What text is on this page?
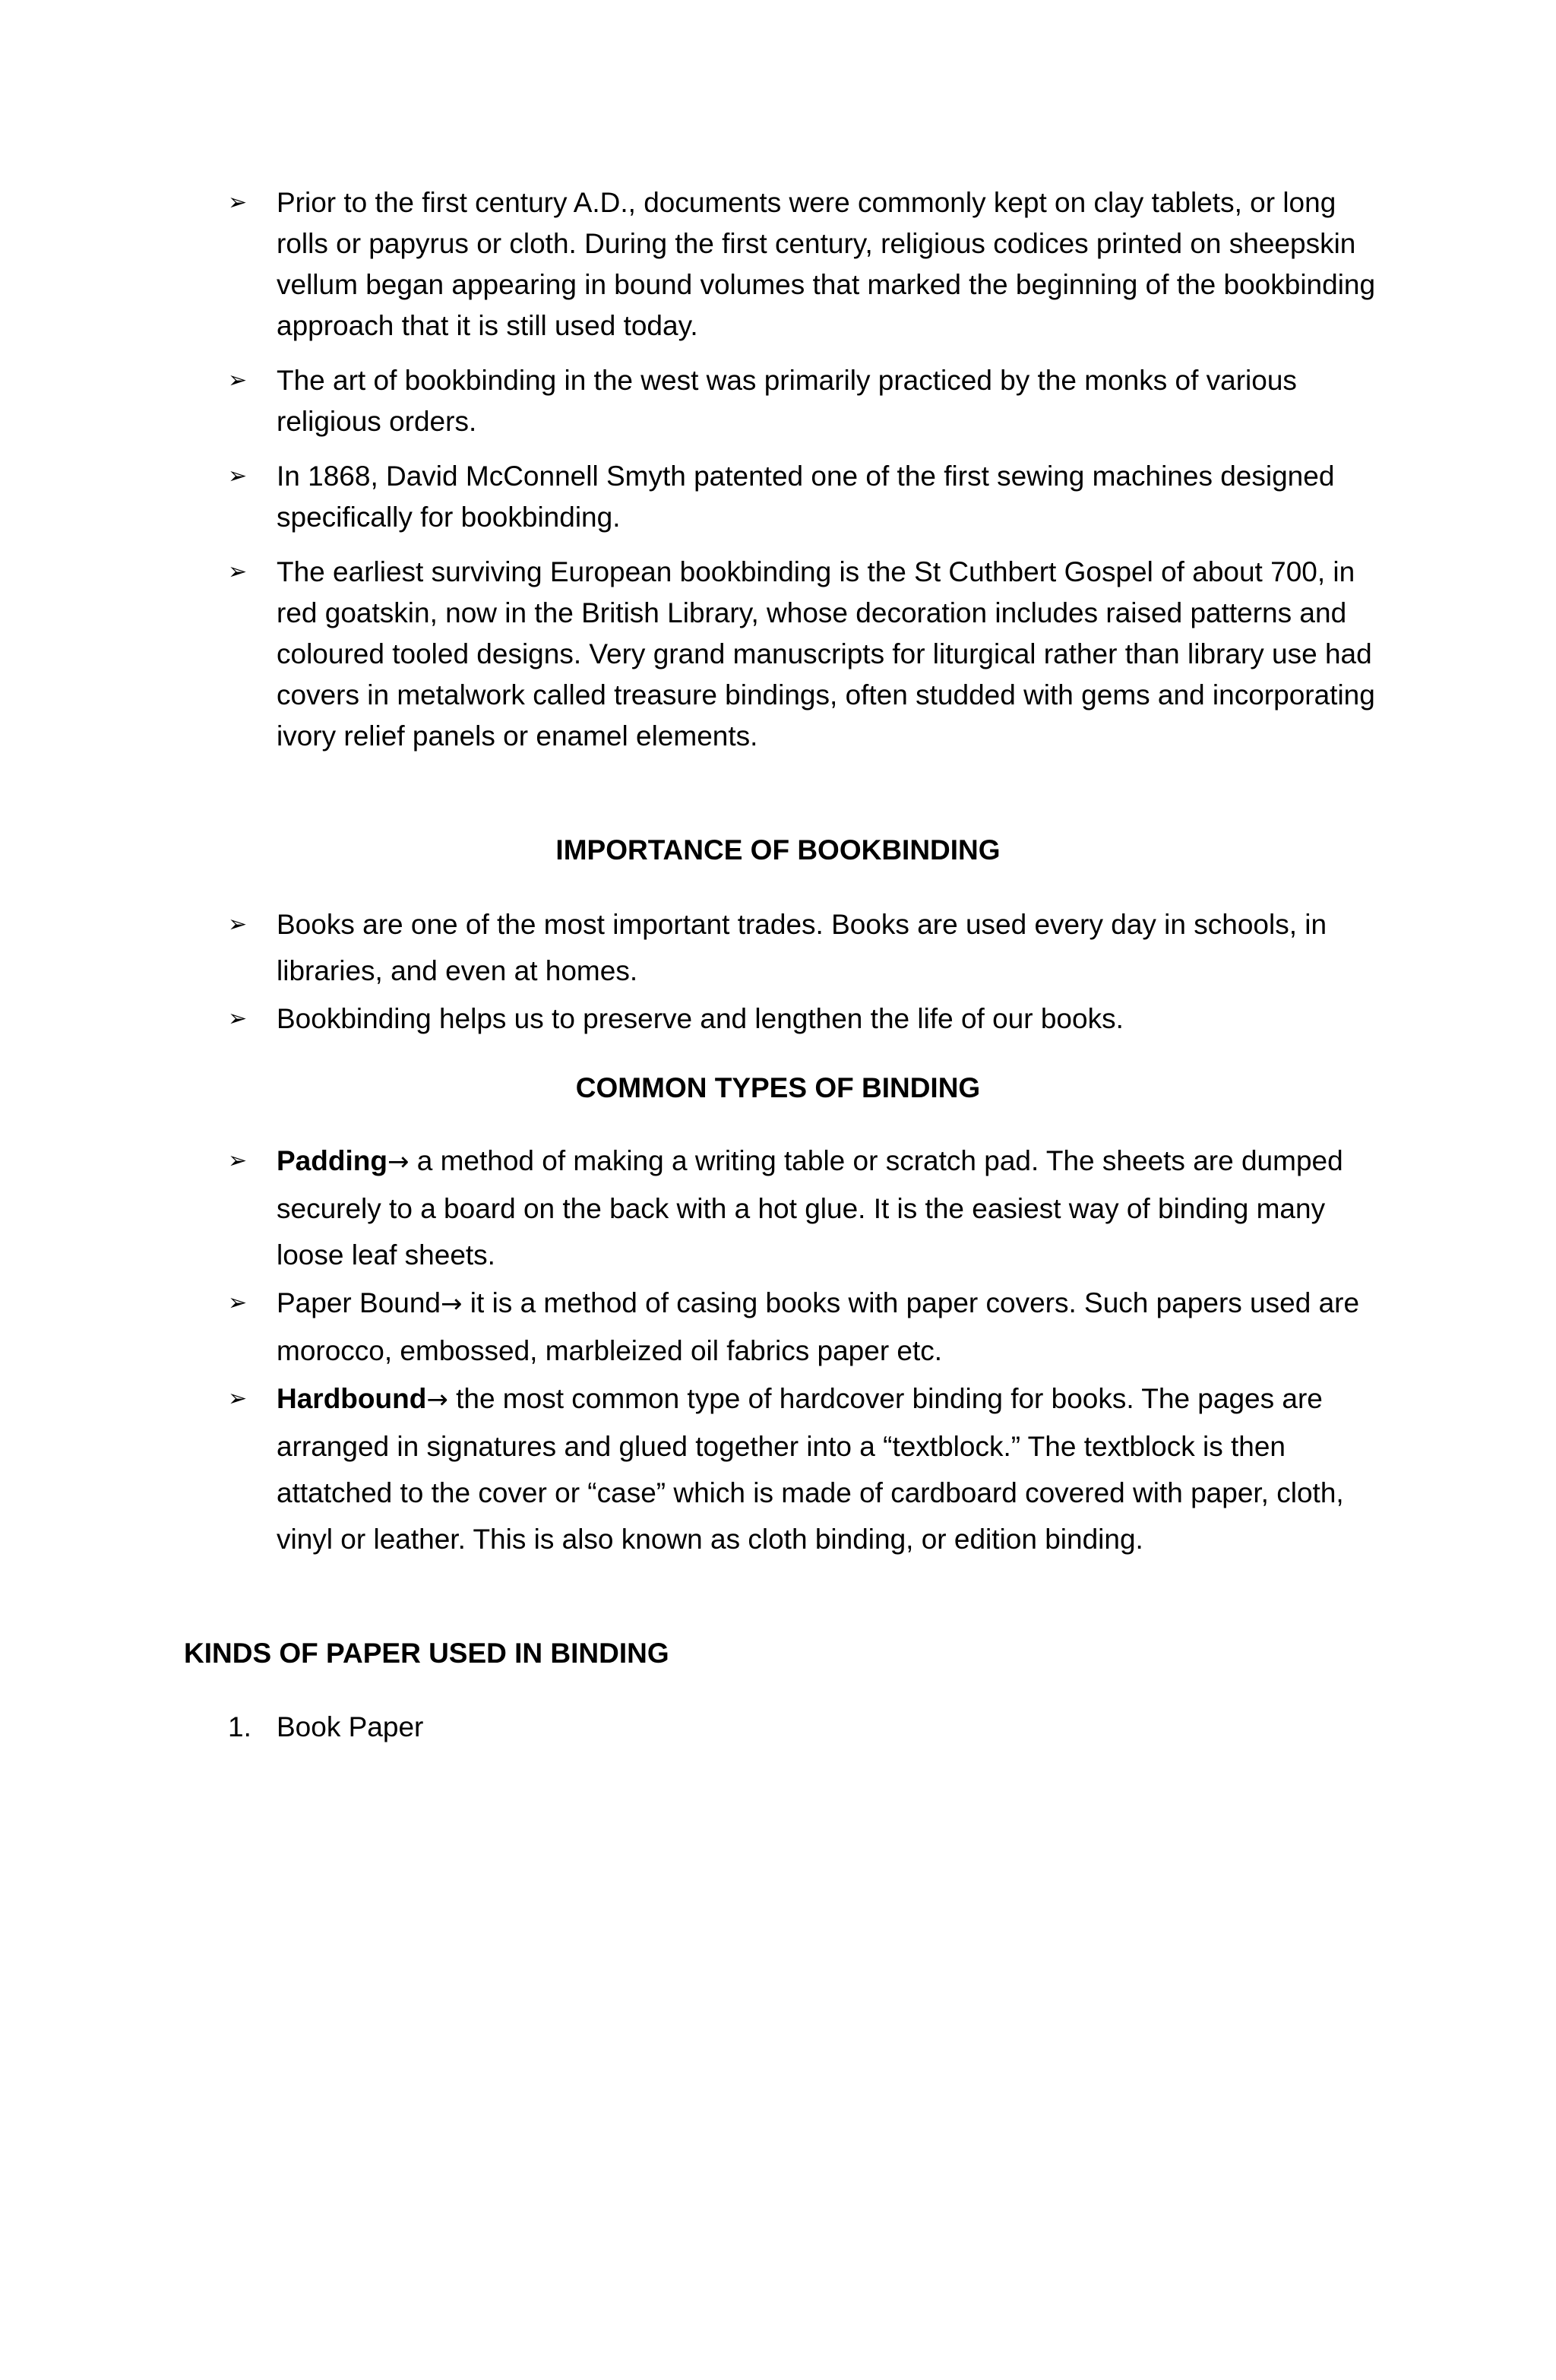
➢ Prior to the first century A.D., documents were commonly kept on clay tablets, or long rolls or papyrus or cloth. During the first century, religious codices printed on sheepskin vellum began appearing in bound volumes that marked the beginning of the bookbinding approach that it is still used today.
➢ The art of bookbinding in the west was primarily practiced by the monks of various religious orders.
➢ In 1868, David McConnell Smyth patented one of the first sewing machines designed specifically for bookbinding.
➢ The earliest surviving European bookbinding is the St Cuthbert Gospel of about 700, in red goatskin, now in the British Library, whose decoration includes raised patterns and coloured tooled designs. Very grand manuscripts for liturgical rather than library use had covers in metalwork called treasure bindings, often studded with gems and incorporating ivory relief panels or enamel elements.
IMPORTANCE OF BOOKBINDING
➢ Books are one of the most important trades. Books are used every day in schools, in libraries, and even at homes.
➢ Bookbinding helps us to preserve and lengthen the life of our books.
COMMON TYPES OF BINDING
➢ Padding→ a method of making a writing table or scratch pad. The sheets are dumped securely to a board on the back with a hot glue. It is the easiest way of binding many loose leaf sheets.
➢ Paper Bound→ it is a method of casing books with paper covers. Such papers used are morocco, embossed, marbleized oil fabrics paper etc.
➢ Hardbound→ the most common type of hardcover binding for books. The pages are arranged in signatures and glued together into a “textblock.” The textblock is then attatched to the cover or “case” which is made of cardboard covered with paper, cloth, vinyl or leather. This is also known as cloth binding, or edition binding.
KINDS OF PAPER USED IN BINDING
1. Book Paper
